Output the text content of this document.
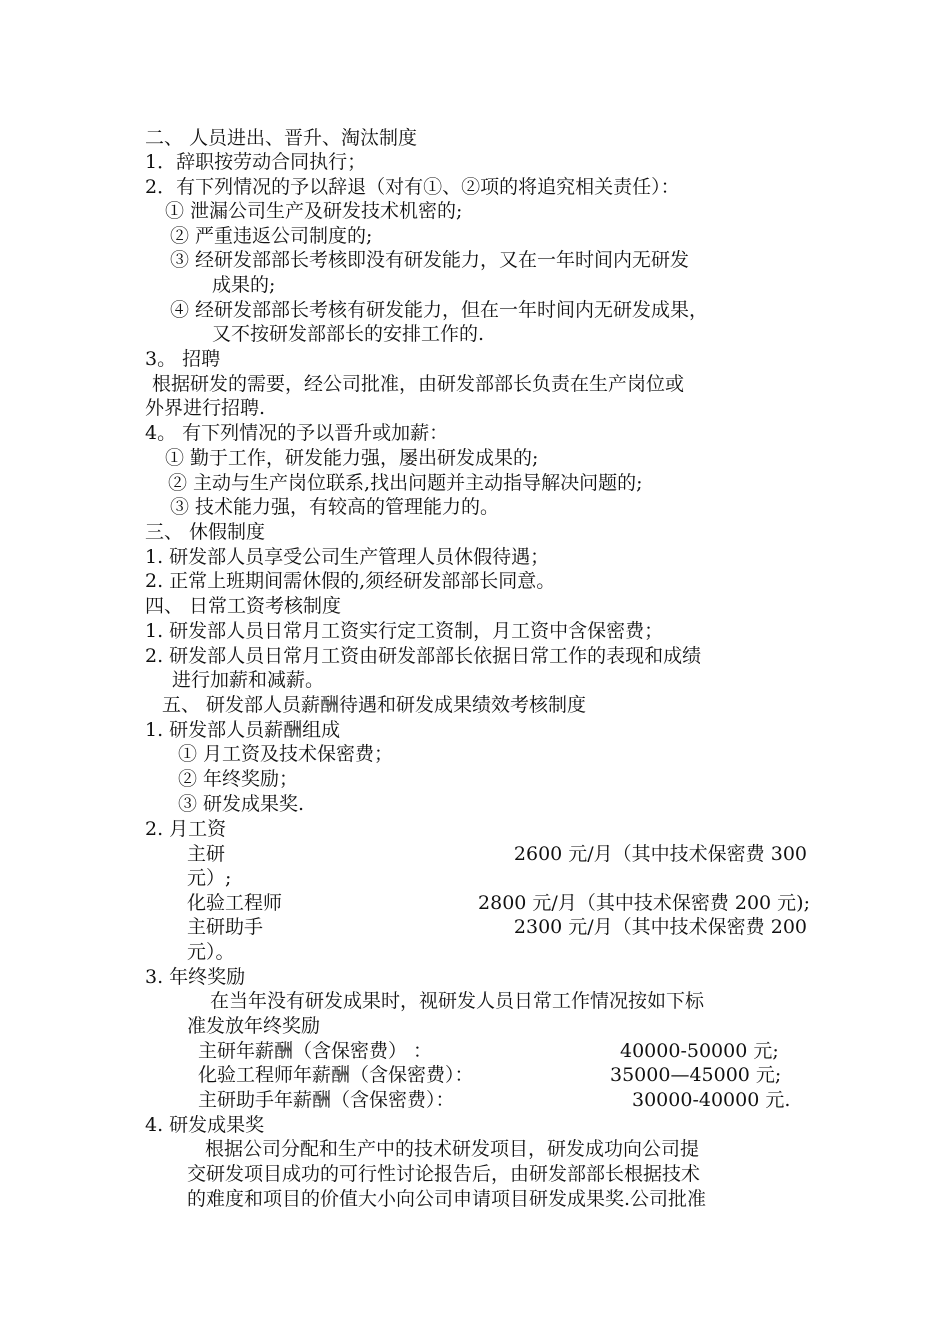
二、 人员进出、晋升、淘汰制度
1．辞职按劳动合同执行；
2．有下列情况的予以辞退（对有①、②项的将追究相关责任）：
① 泄漏公司生产及研发技术机密的;
② 严重违返公司制度的;
③ 经研发部部长考核即没有研发能力，又在一年时间内无研发
成果的;
④ 经研发部部长考核有研发能力，但在一年时间内无研发成果，
又不按研发部部长的安排工作的.
3。 招聘
根据研发的需要，经公司批准，由研发部部长负责在生产岗位或
外界进行招聘.
4。 有下列情况的予以晋升或加薪：
① 勤于工作，研发能力强，屡出研发成果的;
② 主动与生产岗位联系,找出问题并主动指导解决问题的;
③ 技术能力强，有较高的管理能力的。
三、 休假制度
1. 研发部人员享受公司生产管理人员休假待遇；
2. 正常上班期间需休假的,须经研发部部长同意。
四、 日常工资考核制度
1. 研发部人员日常月工资实行定工资制，月工资中含保密费；
2. 研发部人员日常月工资由研发部部长依据日常工作的表现和成绩
进行加薪和减薪。
五、 研发部人员薪酬待遇和研发成果绩效考核制度
1. 研发部人员薪酬组成
① 月工资及技术保密费；
② 年终奖励；
③ 研发成果奖.
2. 月工资
主研	2600 元/月（其中技术保密费 300
元）;
化验工程师	2800 元/月（其中技术保密费 200 元);
主研助手	2300 元/月（其中技术保密费 200
元）。
3. 年终奖励
在当年没有研发成果时，视研发人员日常工作情况按如下标
准发放年终奖励
主研年薪酬（含保密费） ：	40000-50000 元;
化验工程师年薪酬（含保密费）：	35000—45000 元;
主研助手年薪酬（含保密费）：	30000-40000 元.
4. 研发成果奖
根据公司分配和生产中的技术研发项目，研发成功向公司提
交研发项目成功的可行性讨论报告后，由研发部部长根据技术
的难度和项目的价值大小向公司申请项目研发成果奖.公司批准
